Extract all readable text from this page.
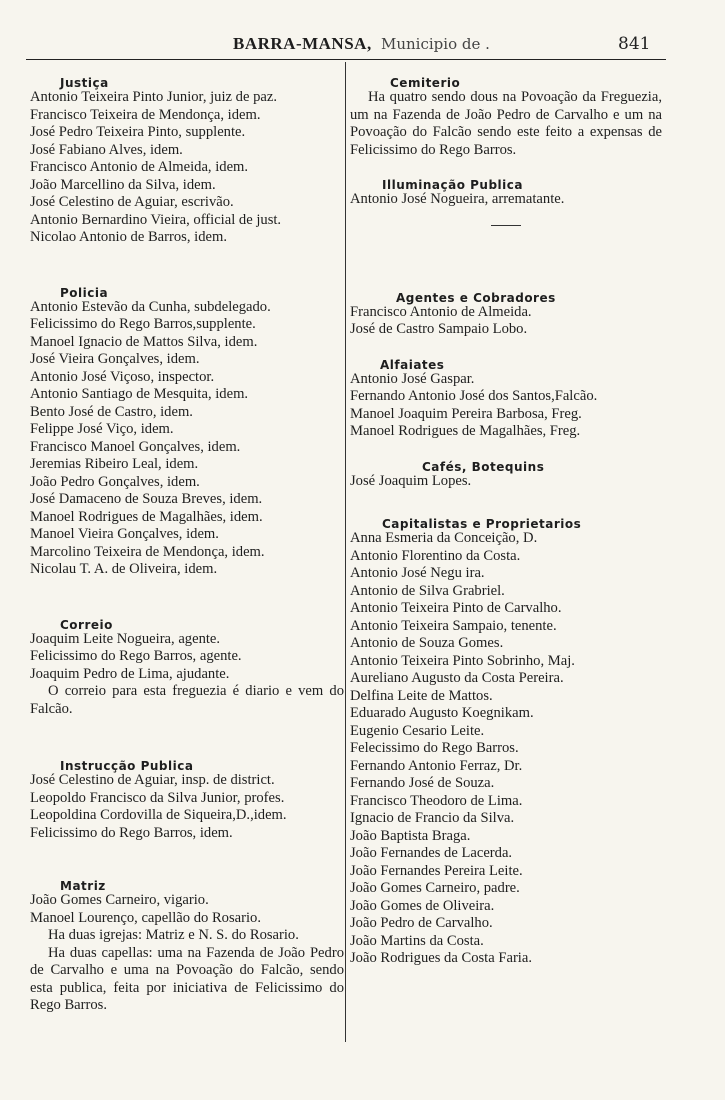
BARRA-MANSA, Municipio de .	841
Justiça
Antonio Teixeira Pinto Junior, juiz de paz.
Francisco Teixeira de Mendonça, idem.
José Pedro Teixeira Pinto, supplente.
José Fabiano Alves, idem.
Francisco Antonio de Almeida, idem.
João Marcellino da Silva, idem.
José Celestino de Aguiar, escrivão.
Antonio Bernardino Vieira, official de just.
Nicolao Antonio de Barros, idem.
Policia
Antonio Estevão da Cunha, subdelegado.
Felicissimo do Rego Barros,supplente.
Manoel Ignacio de Mattos Silva, idem.
José Vieira Gonçalves, idem.
Antonio José Viçoso, inspector.
Antonio Santiago de Mesquita, idem.
Bento José de Castro, idem.
Felippe José Viço, idem.
Francisco Manoel Gonçalves, idem.
Jeremias Ribeiro Leal, idem.
João Pedro Gonçalves, idem.
José Damaceno de Souza Breves, idem.
Manoel Rodrigues de Magalhães, idem.
Manoel Vieira Gonçalves, idem.
Marcolino Teixeira de Mendonça, idem.
Nicolau T. A. de Oliveira, idem.
Correio
Joaquim Leite Nogueira, agente.
Felicissimo do Rego Barros, agente.
Joaquim Pedro de Lima, ajudante.
O correio para esta freguezia é diario e vem do Falcão.
Instrucção Publica
José Celestino de Aguiar, insp. de district.
Leopoldo Francisco da Silva Junior, profes.
Leopoldina Cordovilla de Siqueira,D.,idem.
Felicissimo do Rego Barros, idem.
Matriz
João Gomes Carneiro, vigario.
Manoel Lourenço, capellão do Rosario.
Ha duas igrejas: Matriz e N. S. do Rosario.
Ha duas capellas: uma na Fazenda de João Pedro de Carvalho e uma na Povoação do Falcão, sendo esta publica, feita por iniciativa de Felicissimo do Rego Barros.
Cemiterio
Ha quatro sendo dous na Povoação da Freguezia, um na Fazenda de João Pedro de Carvalho e um na Povoação do Falcão sendo este feito a expensas de Felicissimo do Rego Barros.
Illuminação Publica
Antonio José Nogueira, arrematante.
Agentes e Cobradores
Francisco Antonio de Almeida.
José de Castro Sampaio Lobo.
Alfaiates
Antonio José Gaspar.
Fernando Antonio José dos Santos,Falcão.
Manoel Joaquim Pereira Barbosa, Freg.
Manoel Rodrigues de Magalhães, Freg.
Cafés, Botequins
José Joaquim Lopes.
Capitalistas e Proprietarios
Anna Esmeria da Conceição, D.
Antonio Florentino da Costa.
Antonio José Negu ira.
Antonio de Silva Grabriel.
Antonio Teixeira Pinto de Carvalho.
Antonio Teixeira Sampaio, tenente.
Antonio de Souza Gomes.
Antonio Teixeira Pinto Sobrinho, Maj.
Aureliano Augusto da Costa Pereira.
Delfina Leite de Mattos.
Eduarado Augusto Koegnikam.
Eugenio Cesario Leite.
Felecissimo do Rego Barros.
Fernando Antonio Ferraz, Dr.
Fernando José de Souza.
Francisco Theodoro de Lima.
Ignacio de Francio da Silva.
João Baptista Braga.
João Fernandes de Lacerda.
João Fernandes Pereira Leite.
João Gomes Carneiro, padre.
João Gomes de Oliveira.
João Pedro de Carvalho.
João Martins da Costa.
João Rodrigues da Costa Faria.
